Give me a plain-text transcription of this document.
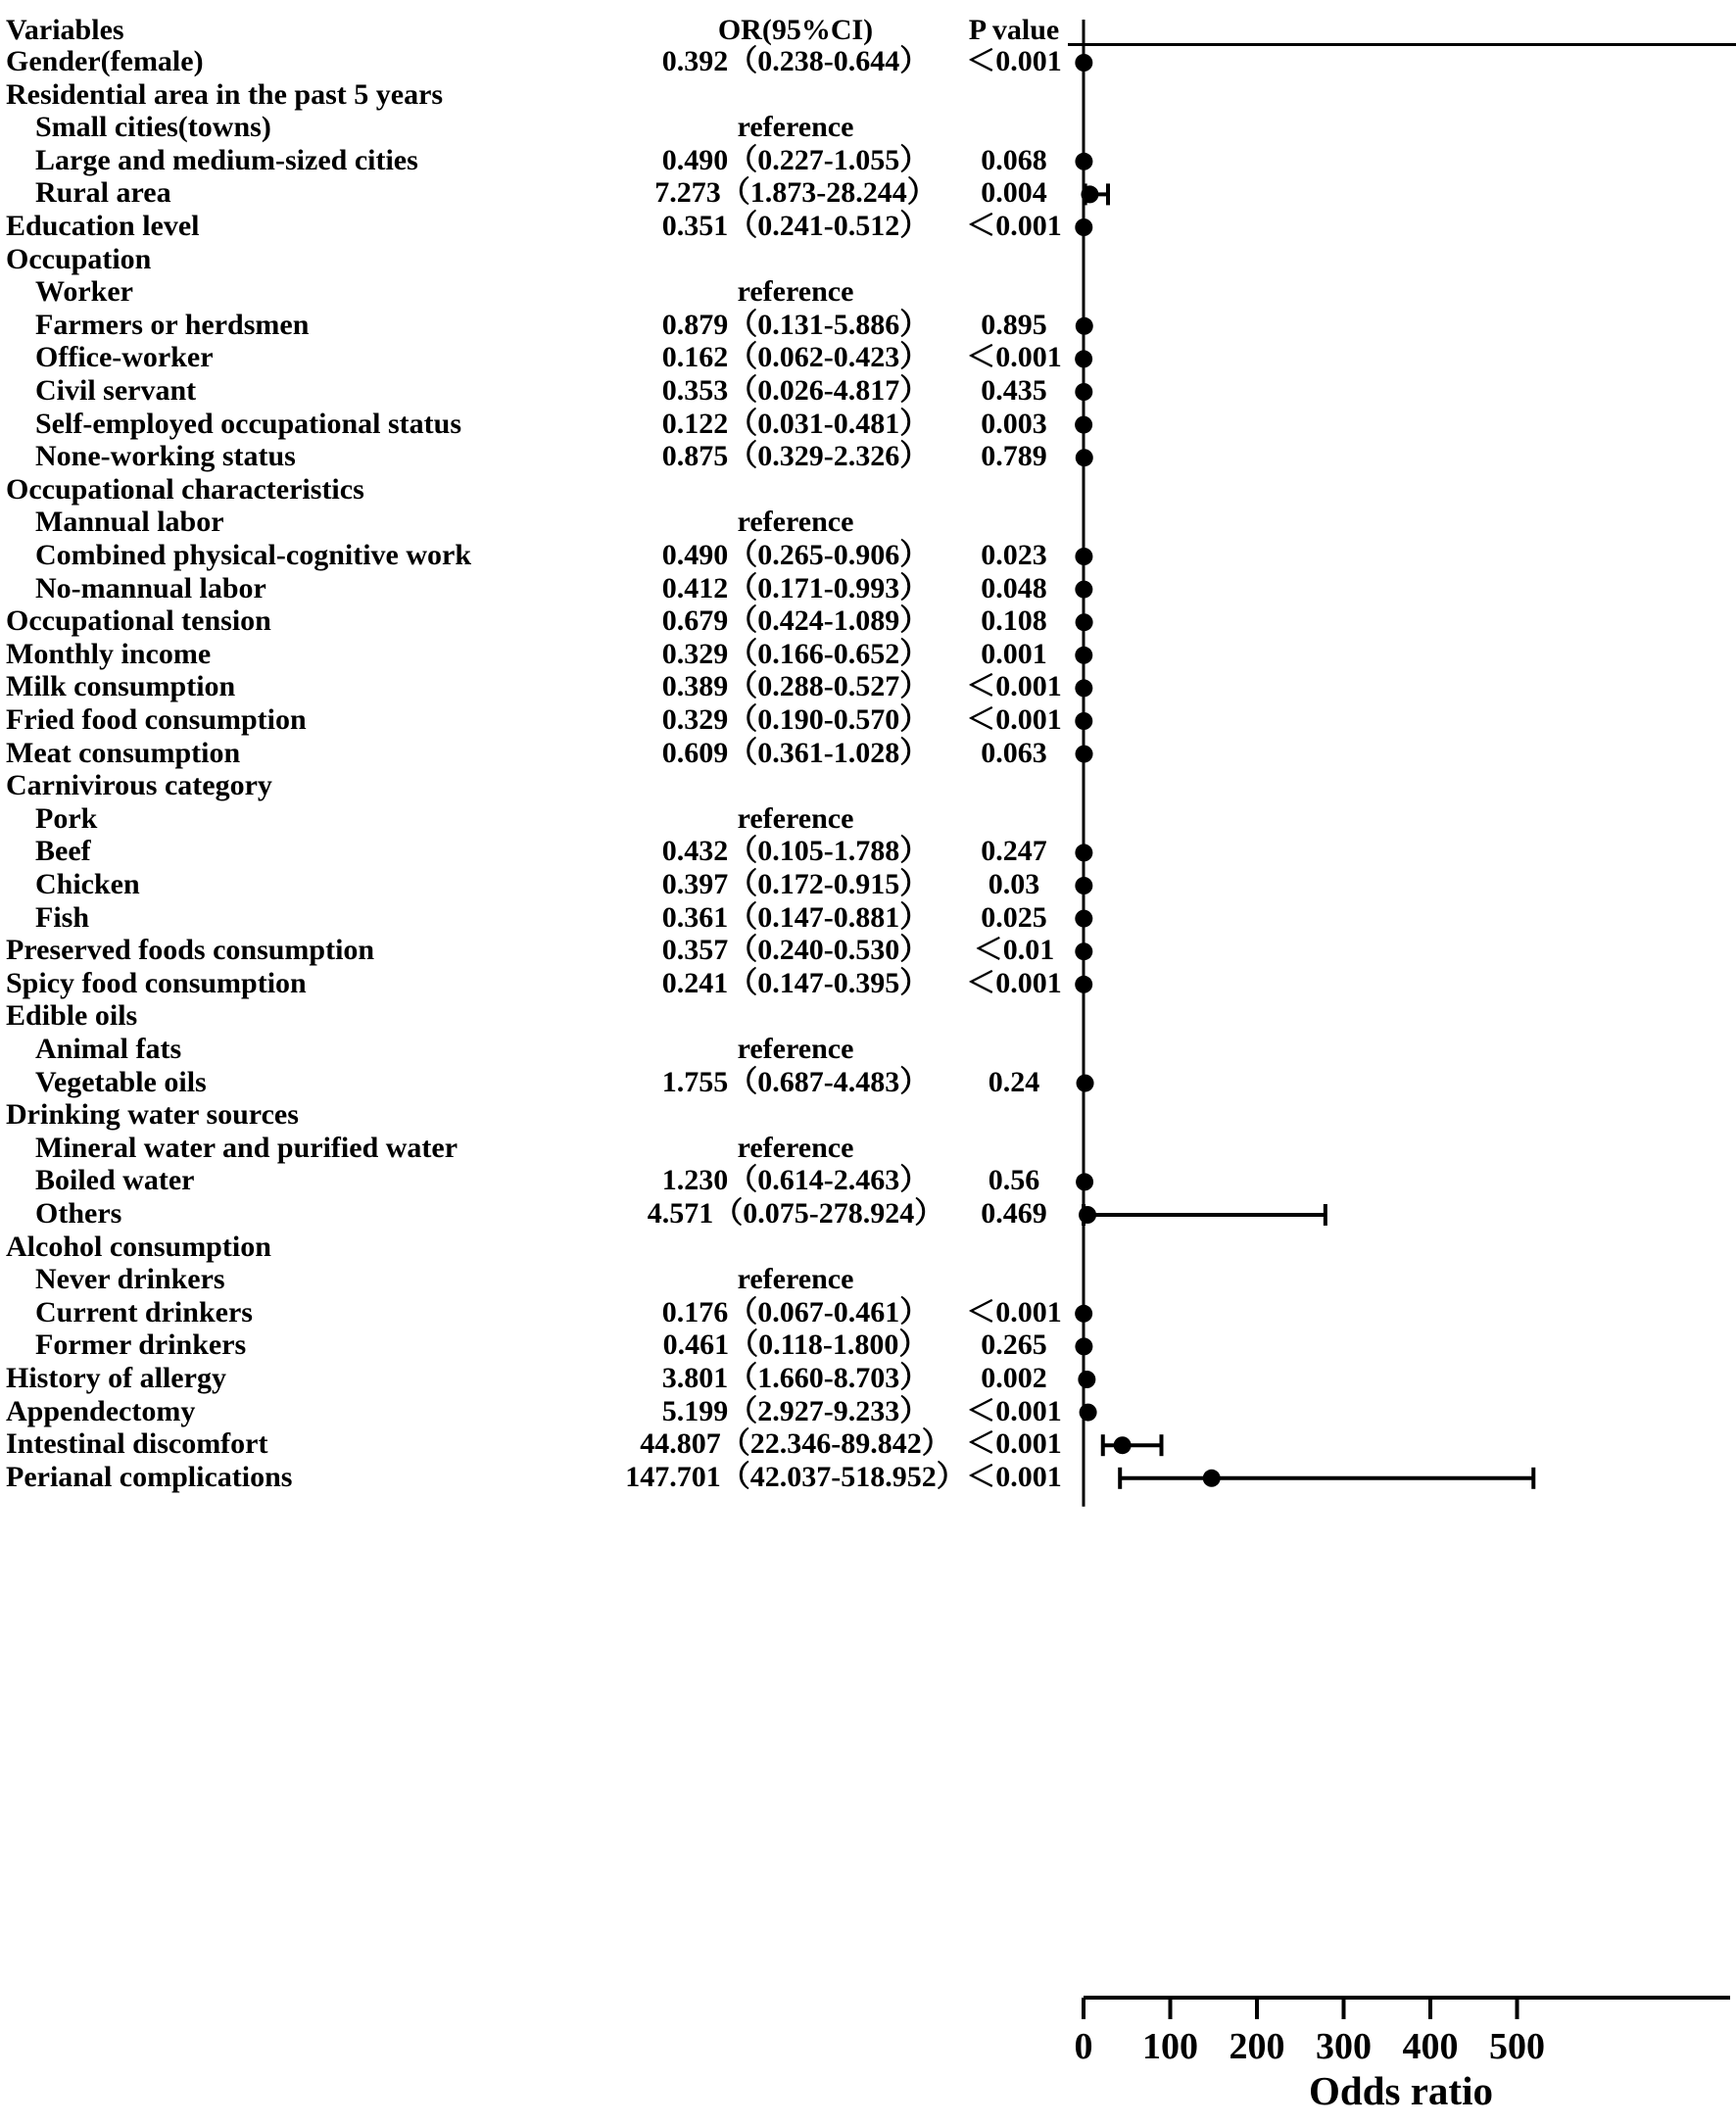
Variables	OR(95%CI)	P value
Gender(female)	0.392（0.238-0.644） ＜0.001
Residential area in the past 5 years
Small cities(towns)	reference
Large and medium-sized cities	0.490（0.227-1.055） 0.068
Rural area	7.273（1.873-28.244） 0.004
Education level	0.351（0.241-0.512） ＜0.001
Occupation
Worker	reference
Farmers or herdsmen	0.879（0.131-5.886） 0.895
Office-worker	0.162（0.062-0.423） ＜0.001
Civil servant	0.353（0.026-4.817） 0.435
Self-employed occupational status	0.122（0.031-0.481） 0.003
None-working status	0.875（0.329-2.326） 0.789
Occupational characteristics
Mannual labor	reference
Combined physical-cognitive work	0.490（0.265-0.906） 0.023
No-mannual labor	0.412（0.171-0.993） 0.048
Occupational tension	0.679（0.424-1.089） 0.108
Monthly income	0.329（0.166-0.652） 0.001
Milk consumption	0.389（0.288-0.527） ＜0.001
Fried food consumption	0.329（0.190-0.570） ＜0.001
Meat consumption	0.609（0.361-1.028） 0.063
Carnivirous category
Pork	reference
Beef	0.432（0.105-1.788） 0.247
Chicken	0.397（0.172-0.915） 0.03
Fish	0.361（0.147-0.881） 0.025
Preserved foods consumption	0.357（0.240-0.530） ＜0.01
Spicy food consumption	0.241（0.147-0.395） ＜0.001
Edible oils
Animal fats	reference
Vegetable oils	1.755（0.687-4.483） 0.24
Drinking water sources
Mineral water and purified water	reference
Boiled water	1.230（0.614-2.463） 0.56
Others	4.571（0.075-278.924） 0.469
Alcohol consumption
Never drinkers	reference
Current drinkers	0.176（0.067-0.461） ＜0.001
Former drinkers	0.461（0.118-1.800） 0.265
History of allergy	3.801（1.660-8.703） 0.002
Appendectomy	5.199（2.927-9.233） ＜0.001
Intestinal discomfort	44.807（22.346-89.842） ＜0.001
Perianal complications	147.701（42.037-518.952） ＜0.001
0 100 200 300 400 500
Odds ratio
